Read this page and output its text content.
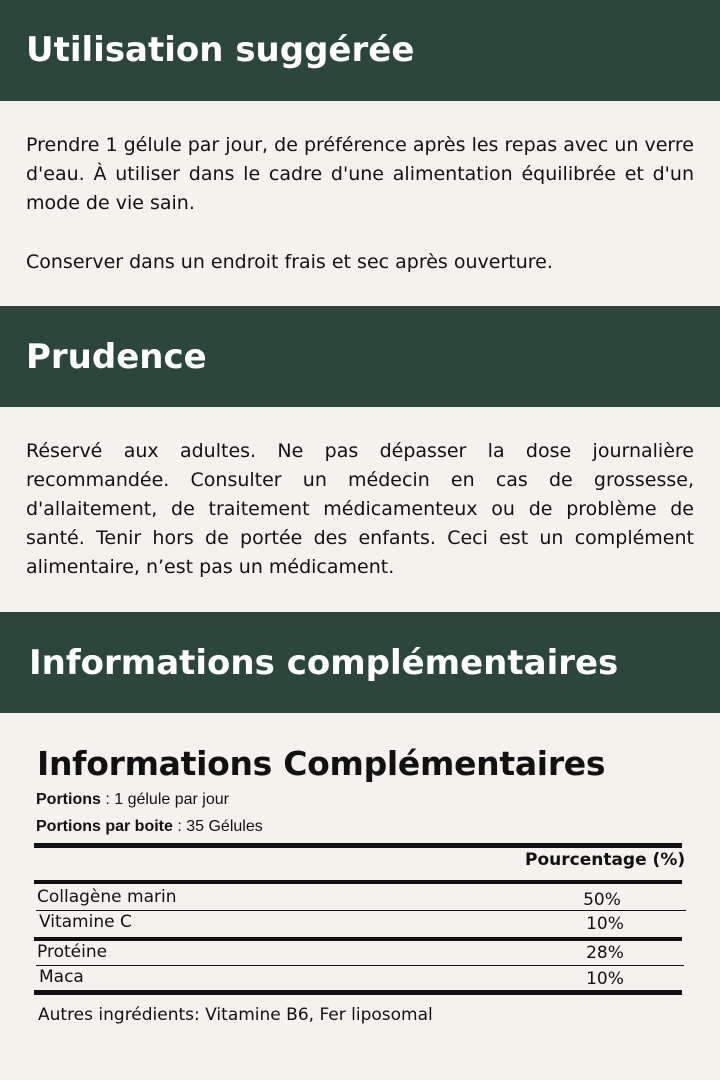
Utilisation suggérée

Prendre 1 gélule par jour, de préférence après les repas avec un verre d'eau. À utiliser dans le cadre d'une alimentation équilibrée et d'un mode de vie sain.

Conserver dans un endroit frais et sec après ouverture.

Prudence

Réservé aux adultes. Ne pas dépasser la dose journalière recommandée. Consulter un médecin en cas de grossesse, d'allaitement, de traitement médicamenteux ou de problème de santé. Tenir hors de portée des enfants. Ceci est un complément alimentaire, n’est pas un médicament.

Informations complémentaires
Informations Complémentaires
Portions : 1 gélule par jour
Portions par boite : 35 Gélules
Pourcentage (%)
Collagène marin	50%
Vitamine C	10%
Protéine	28%
Maca	10%
Autres ingrédients: Vitamine B6, Fer liposomal
